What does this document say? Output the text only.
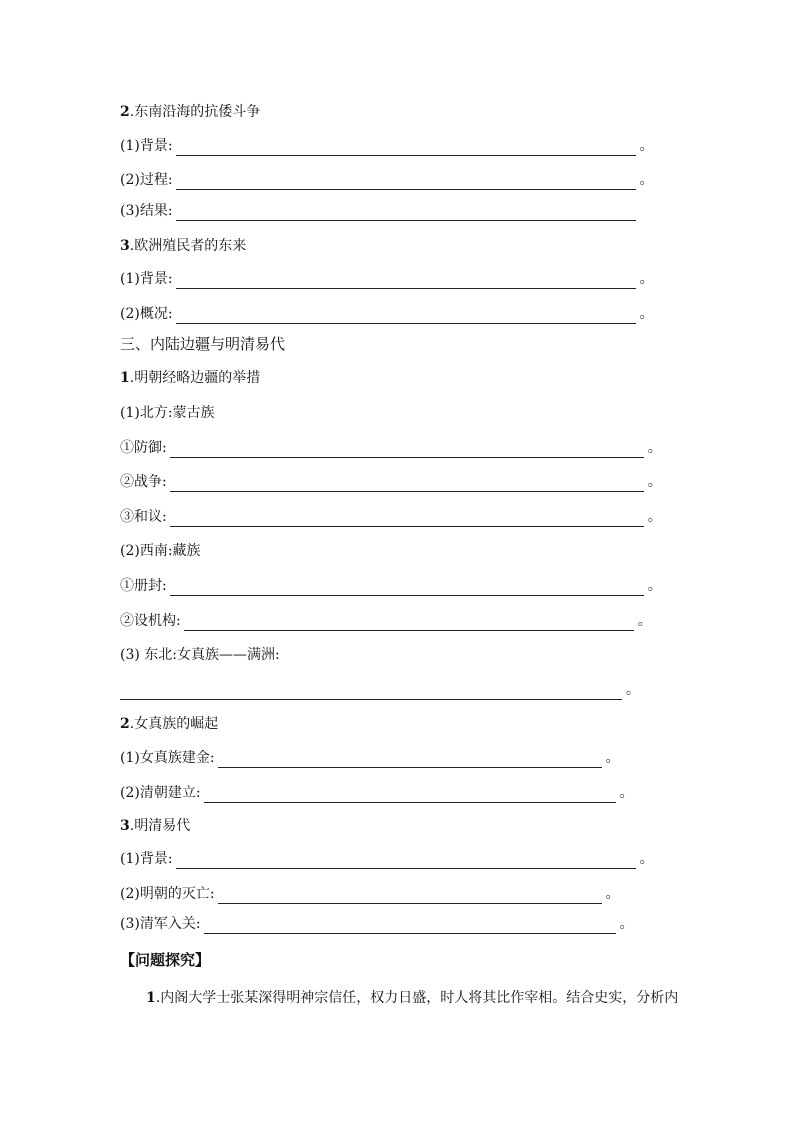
2.东南沿海的抗倭斗争
(1)背景:	。
(2)过程:	。
(3)结果:
3.欧洲殖民者的东来
(1)背景:	。
(2)概况:	。
三、内陆边疆与明清易代
1.明朝经略边疆的举措
(1)北方:蒙古族
①防御:	。
②战争:	。
③和议:	。
(2)西南:藏族
①册封:	。
②设机构:	。
(3) 东北:女真族——满洲:
。
2.女真族的崛起
(1)女真族建金:	。
(2)清朝建立:	。
3.明清易代
(1)背景:	。
(2)明朝的灭亡:	。
(3)清军入关:	。
【问题探究】
1.内阁大学士张某深得明神宗信任，权力日盛，时人将其比作宰相。结合史实，分析内
